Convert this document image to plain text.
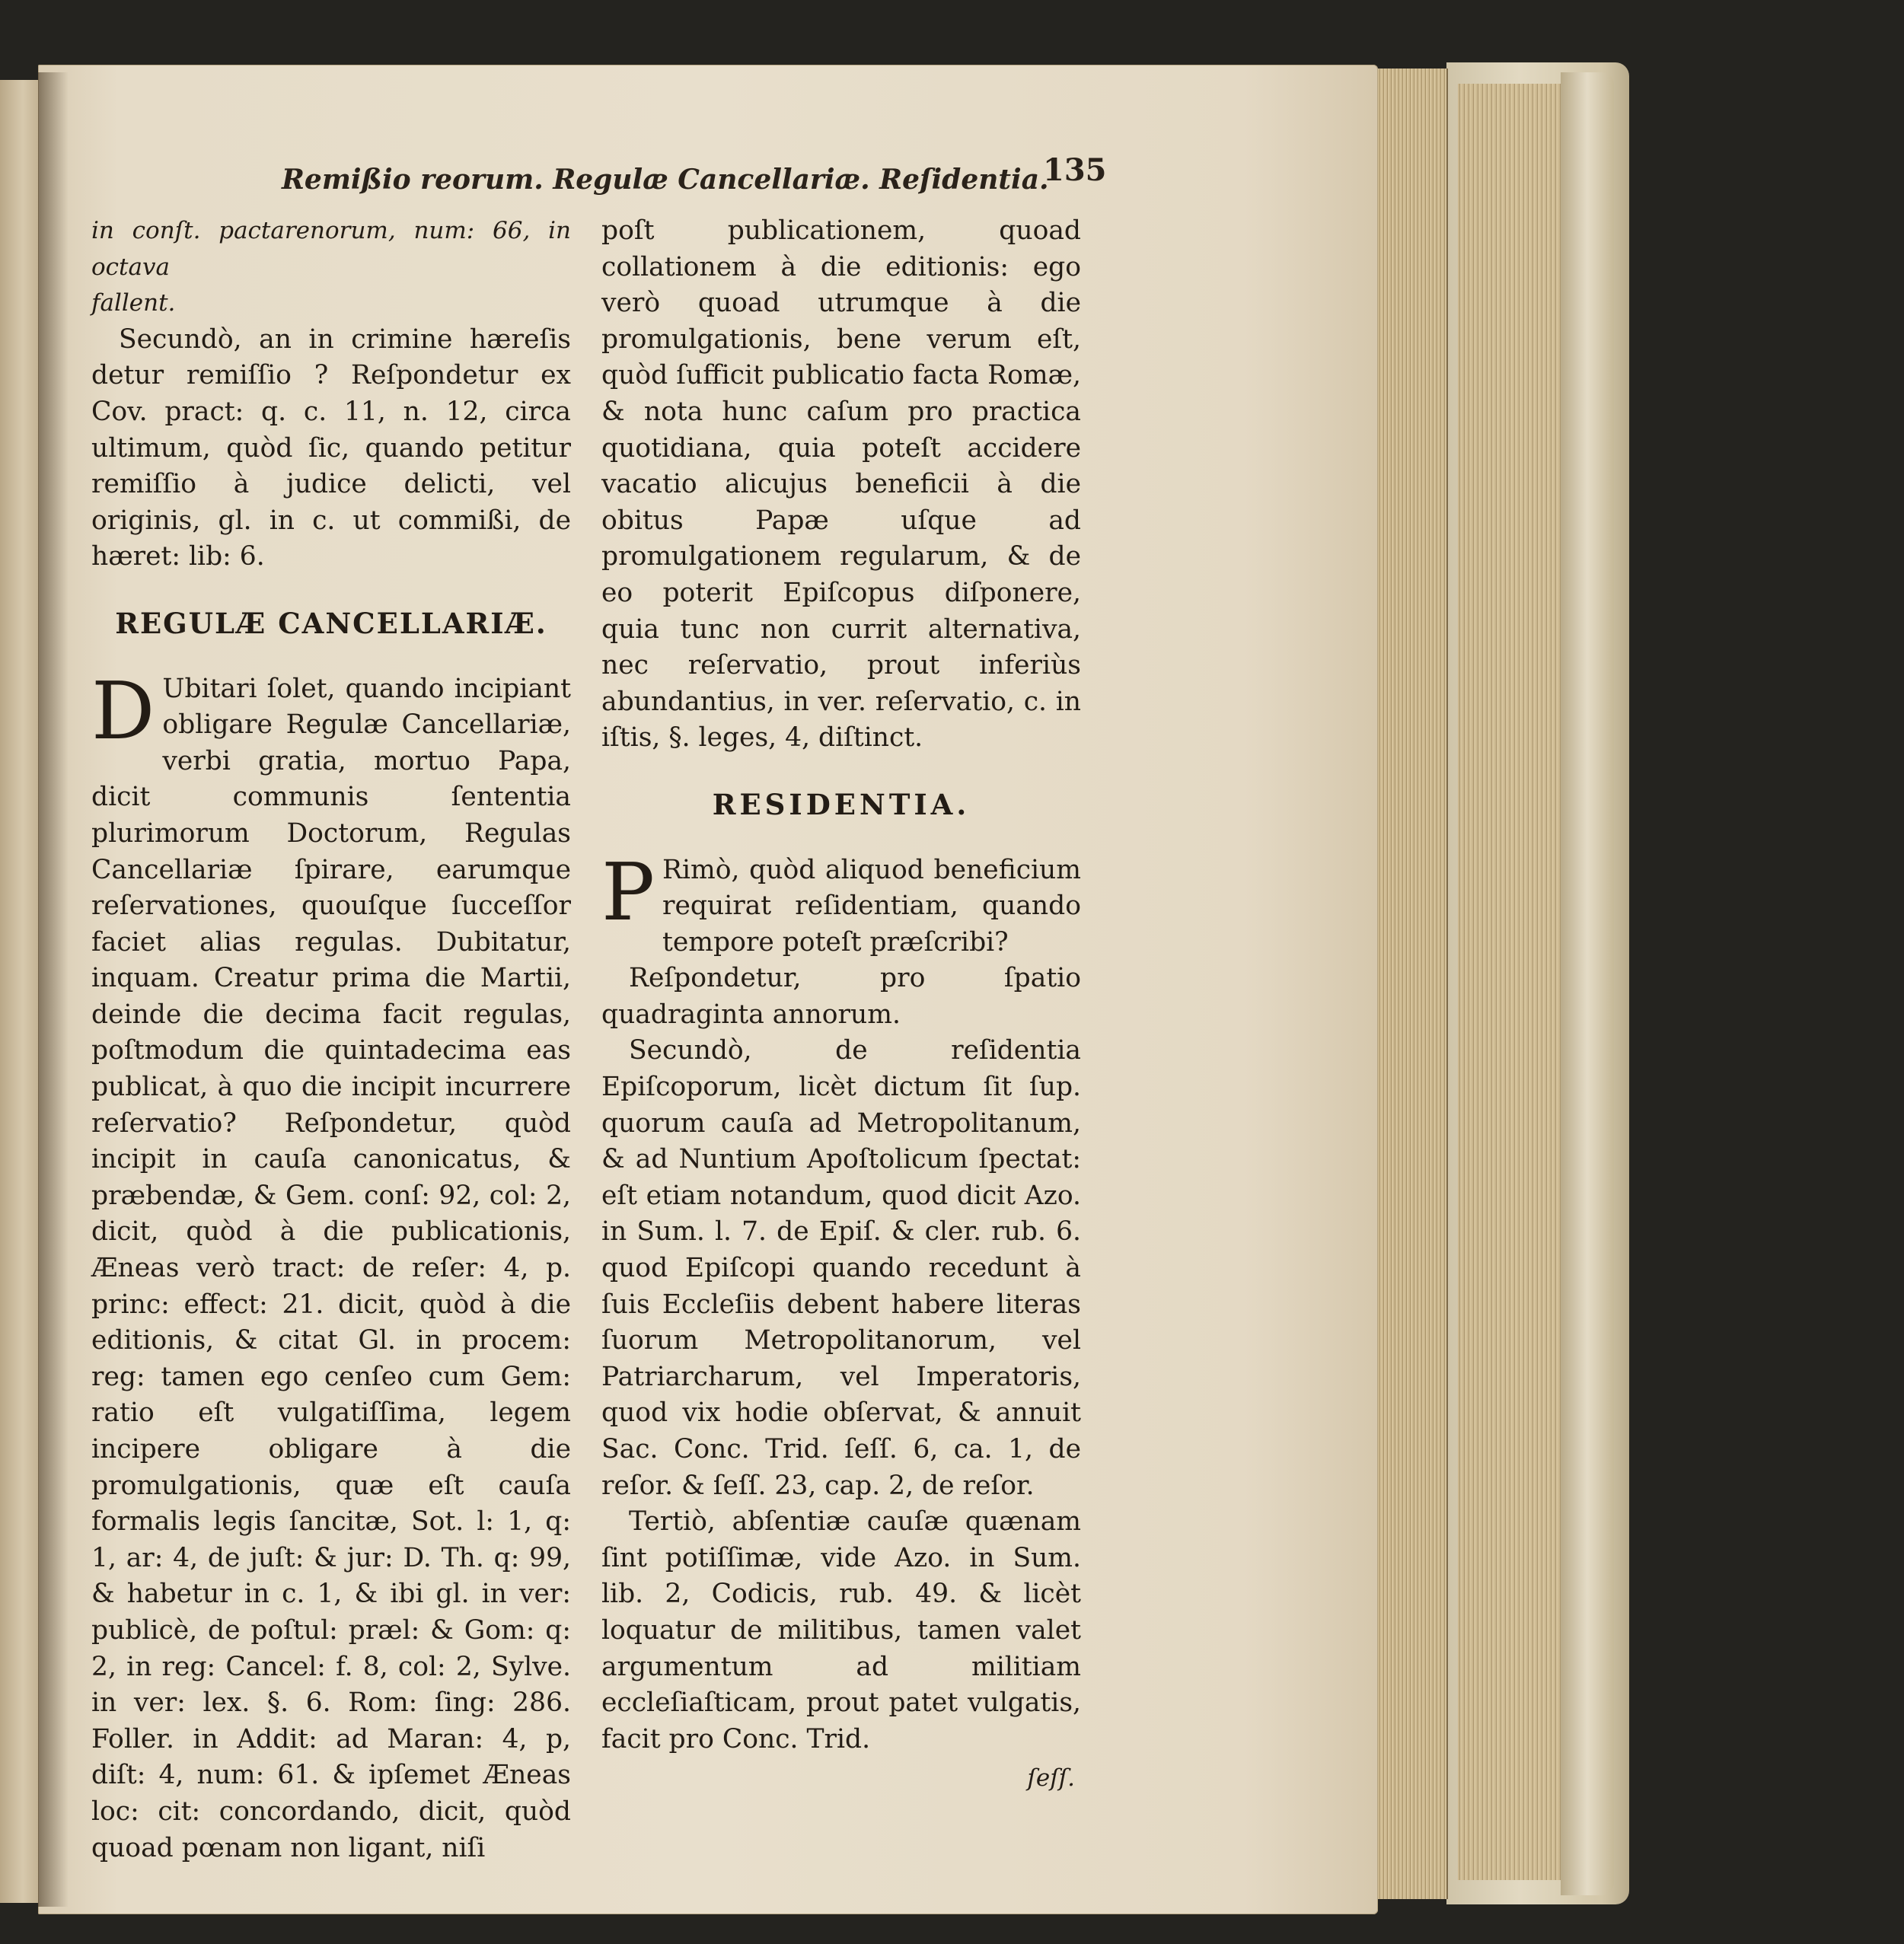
Remißio reorum. Regulæ Cancellariæ. Reſidentia.
135

in conſt. pactarenorum, num: 66, in octava

fallent.

Secundò, an in crimine hæreſis detur remiſſio ? Reſpondetur ex Cov. pract: q. c. 11, n. 12, circa ultimum, quòd ſic, quando petitur remiſſio à judice delicti, vel originis, gl. in c. ut commißi, de hæret: lib: 6.

REGULÆ CANCELLARIÆ.
D Ubitari ſolet, quando incipiant obligare Regulæ Cancellariæ, verbi gratia, mortuo Papa, dicit communis ſententia plurimorum Doctorum, Regulas Cancellariæ ſpirare, earumque reſervationes, quouſque ſucceſſor faciet alias regulas. Dubitatur, inquam. Creatur prima die Martii, deinde die decima facit regulas, poſtmodum die quintadecima eas publicat, à quo die incipit incurrere reſervatio? Reſpondetur, quòd incipit in cauſa canonicatus, & præbendæ, & Gem. conſ: 92, col: 2, dicit, quòd à die publicationis, Æneas verò tract: de reſer: 4, p. princ: effect: 21. dicit, quòd à die editionis, & citat Gl. in procem: reg: tamen ego cenſeo cum Gem: ratio eſt vulgatiſſima, legem incipere obligare à die promulgationis, quæ eſt cauſa formalis legis ſancitæ, Sot. l: 1, q: 1, ar: 4, de juſt: & jur: D. Th. q: 99, & habetur in c. 1, & ibi gl. in ver: publicè, de poſtul: præl: & Gom: q: 2, in reg: Cancel: f. 8, col: 2, Sylve. in ver: lex. §. 6. Rom: ſing: 286. Foller. in Addit: ad Maran: 4, p, diſt: 4, num: 61. & ipſemet Æneas loc: cit: concordando, dicit, quòd quoad pœnam non ligant, niſi

poſt publicationem, quoad collationem à die editionis: ego verò quoad utrumque à die promulgationis, bene verum eſt, quòd ſufficit publicatio facta Romæ, & nota hunc caſum pro practica quotidiana, quia poteſt accidere vacatio alicujus beneficii à die obitus Papæ uſque ad promulgationem regularum, & de eo poterit Epiſcopus diſponere, quia tunc non currit alternativa, nec reſervatio, prout inferiùs abundantius, in ver. reſervatio, c. in iſtis, §. leges, 4, diſtinct.

RESIDENTIA.
P Rimò, quòd aliquod beneficium requirat reſidentiam, quando tempore poteſt præſcribi?

Reſpondetur, pro ſpatio quadraginta annorum.

Secundò, de reſidentia Epiſcoporum, licèt dictum ſit ſup. quorum cauſa ad Metropolitanum, & ad Nuntium Apoſtolicum ſpectat: eſt etiam notandum, quod dicit Azo. in Sum. l. 7. de Epiſ. & cler. rub. 6. quod Epiſcopi quando recedunt à ſuis Eccleſiis debent habere literas ſuorum Metropolitanorum, vel Patriarcharum, vel Imperatoris, quod vix hodie obſervat, & annuit Sac. Conc. Trid. ſeſſ. 6, ca. 1, de reſor. & ſeſſ. 23, cap. 2, de reſor.

Tertiò, abſentiæ cauſæ quænam ſint potiſſimæ, vide Azo. in Sum. lib. 2, Codicis, rub. 49. & licèt loquatur de militibus, tamen valet argumentum ad militiam eccleſiaſticam, prout patet vulgatis, facit pro Conc. Trid.

ſeſſ.
